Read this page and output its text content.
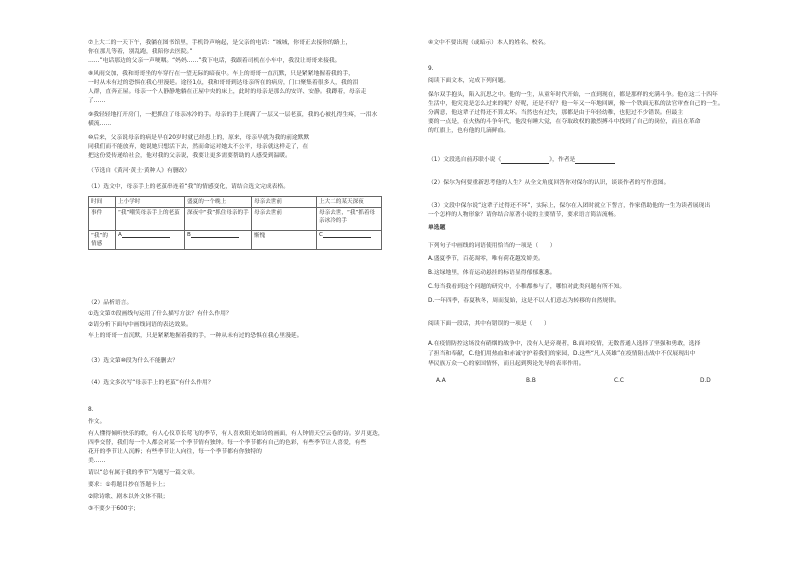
⑦上大二的一天下午，我躺在图书馆里，手机铃声响起，是父亲的电话：“城城，你哥正去接你的路上，
你在那儿等着，别乱跑，我陪你去医院。”
……”电话那边的父亲一声哽咽。“妈妈……”我下电话，我跟着司机在小车中，我没让哥哥来接我。
⑧风雨交加，我和哥哥坐的车穿行在一望无际的暗夜中。车上的哥哥一直沉默，只是紧紧地握着我的手，
一时从未有过的恐惧在我心里漫延。途径1点，我和哥哥到达母亲所在的病房，门口聚集着很多人，我的泪
人群，直奔正屋。母亲一个人静静地躺在正屋中央的床上，此时的母亲是那么的安详、安静。我蹲着，母亲走
了……
⑨我轻轻地打开房门，一把抓住了母亲冰冷的手。母亲的手上爬满了一层又一层老茧，我的心被扎得生疼，一泪水
横流……
⑩后来，父亲说母亲的病是早在20岁时就已经患上的，原来，母亲早就为我的前途默默
同我们而不能放弃，她说她只想活下去，然而命运对她太不公平，母亲就这样走了，在
把这份爱传递给社会，他对我的父亲说，我要让更多需要帮助的人感受到温暖。
（节选自《黄河·黄土·黄种人》有删改）
（1）选文中，母亲手上的老茧串连着“我”的情感变化，请结合选文完成表格。
时间	上小学时	盛夏的一个晚上	母亲去世前	上大二的某天深夜
事件	“我”嘲笑母亲手上的老茧	深夜中“我”抓住母亲的手	母亲去世前	母亲去世，“我”抓着母亲冰冷的手
“我”的情感	A	B	惭愧	C
（2）品析语言。
①选文第⑦段画线句运用了什么描写方法？有什么作用？
②请分析下面句中画线词语的表达效果。
车上的哥哥一直沉默，只是紧紧地握着我的手，一种从未有过的恐惧在我心里漫延。
（3）选文第⑩段为什么不能删去？
（4）选文多次写“母亲手上的老茧”有什么作用？
8.
作文。
有人懂得倾听快乐的歌，有人心仪草长莺飞的季节，有人喜欢阳光如诗的画面，有人钟情天空云卷的诗。岁月更迭，
四季交替，我们每一个人都会对某一个季节情有独钟。每一个季节都有自己的色彩，有些季节让人喜爱，有些
花开的季节让人沉醉；有些季节让人向往，每一个季节都有你独特的
美……
请以“总有属于我的季节”为题写一篇文章。
要求：①将题目抄在答题卡上；
②除诗歌、剧本以外文体不限；
③不要少于600字；
④文中不要出现（或暗示）本人的姓名、校名。
9.
阅读下面文本，完成下列问题。
保尔双手抱头，陷入沉思之中。他的一生，从童年时代开始，一直到现在，都是那样的充满斗争。他在这二十四年
生活中，他究竟是怎么过来的呢？好呢，还是不好？他一年又一年地回顾，像一个铁面无私的法官审查自己的一生。
分满意，他这辈子过得还不算太坏。当然也有过失，那都是由于年轻幼稚，也犯过不少错误。但最主
要的一点是，在火热的斗争年代，他没有睡大觉，在夺取政权的激烈搏斗中找到了自己的岗位，而且在革命
的红旗上，也有他的几滴鲜血。
（1）文段选自前苏联小说《	》，作者是
（2）保尔为何要重新思考他的人生？从全文角度回答你对保尔的认识，谈谈作者的写作意图。
（3）文段中保尔说“这辈子过得还不坏”，实际上，保尔在入团时就立下誓言，作家借助他的一生为读者展现出
一个怎样的人物形象？请你结合原著小说的主要情节，要求语言简洁流畅。
单选题
下列句子中画线的词语使用恰当的一项是（　　）
A.盛夏季节，百花凋零，唯有荷花越发娇美。
B.这绿地里，体育运动悬挂的标语显得郁郁葱葱。
C.每当我看到这个问题的研究中，小稚都参与了，哪怕对此类问题有所不知。
D.一年四季，春夏秋冬，周而复始，这是不以人们意志为转移的自然规律。
阅读下面一段话，其中有错误的一项是（　　）
A.在疫情防控这场没有硝烟的战争中，没有人是旁观者，B.面对疫情，无数普通人选择了坚强和勇敢，选择
了担当和奉献，C.他们用热血和赤诚守护着我们的家园，D.这些“凡人英雄”在疫情阻击战中不仅展现出中
华民族万众一心的家国情怀，而且起到舆论先导的表率作用。
A.A	B.B	C.C	D.D
